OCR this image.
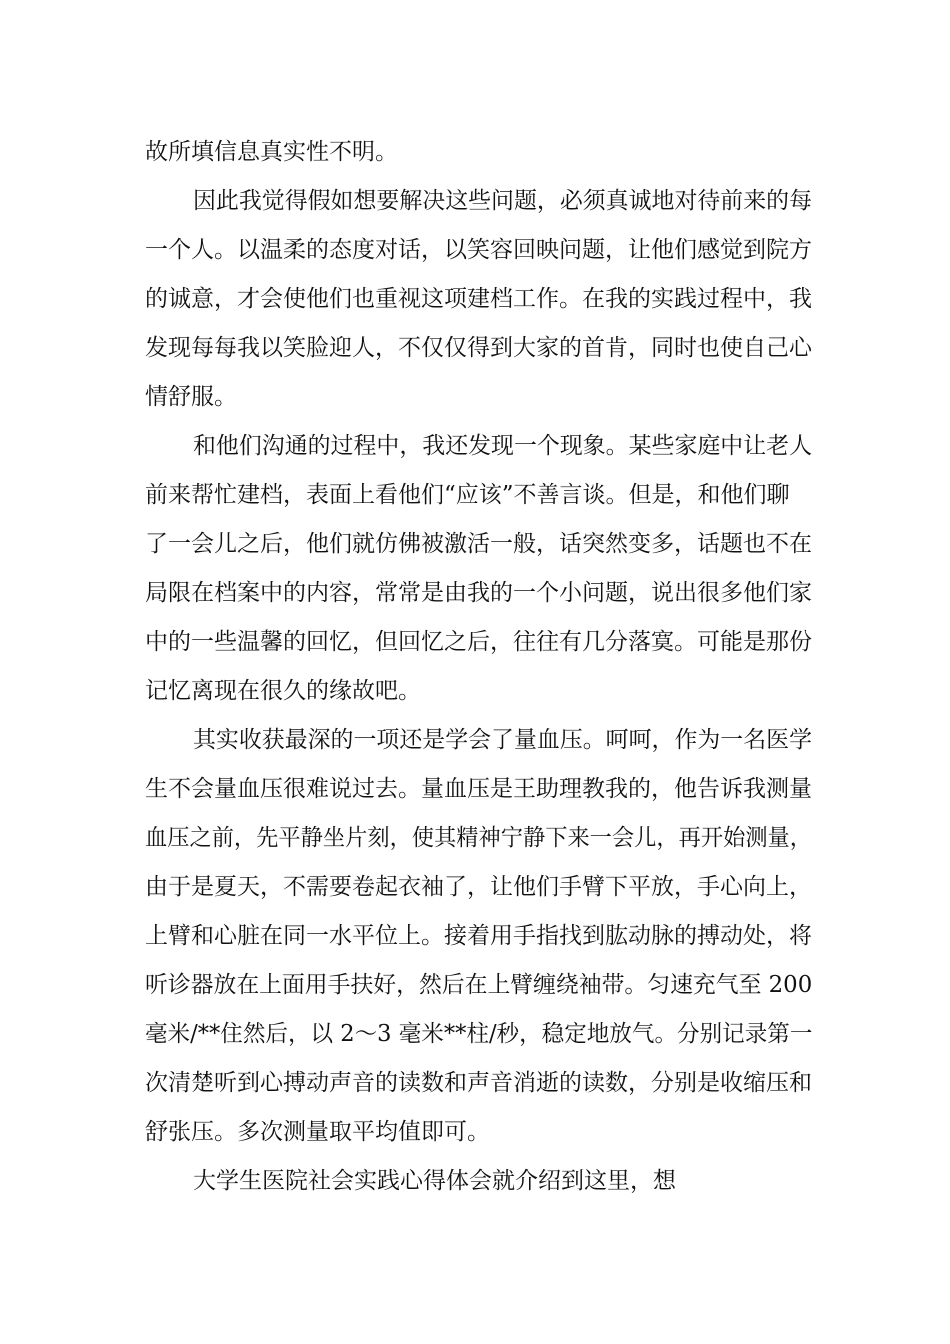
故所填信息真实性不明。
因此我觉得假如想要解决这些问题，必须真诚地对待前来的每
一个人。以温柔的态度对话，以笑容回映问题，让他们感觉到院方
的诚意，才会使他们也重视这项建档工作。在我的实践过程中，我
发现每每我以笑脸迎人，不仅仅得到大家的首肯，同时也使自己心
情舒服。
和他们沟通的过程中，我还发现一个现象。某些家庭中让老人
前来帮忙建档，表面上看他们“应该”不善言谈。但是，和他们聊
了一会儿之后，他们就仿佛被激活一般，话突然变多，话题也不在
局限在档案中的内容，常常是由我的一个小问题，说出很多他们家
中的一些温馨的回忆，但回忆之后，往往有几分落寞。可能是那份
记忆离现在很久的缘故吧。
其实收获最深的一项还是学会了量血压。呵呵，作为一名医学
生不会量血压很难说过去。量血压是王助理教我的，他告诉我测量
血压之前，先平静坐片刻，使其精神宁静下来一会儿，再开始测量，
由于是夏天，不需要卷起衣袖了，让他们手臂下平放，手心向上，
上臂和心脏在同一水平位上。接着用手指找到肱动脉的搏动处，将
听诊器放在上面用手扶好，然后在上臂缠绕袖带。匀速充气至 200
毫米/**住然后，以 2～3 毫米**柱/秒，稳定地放气。分别记录第一
次清楚听到心搏动声音的读数和声音消逝的读数，分别是收缩压和
舒张压。多次测量取平均值即可。
大学生医院社会实践心得体会就介绍到这里，想
